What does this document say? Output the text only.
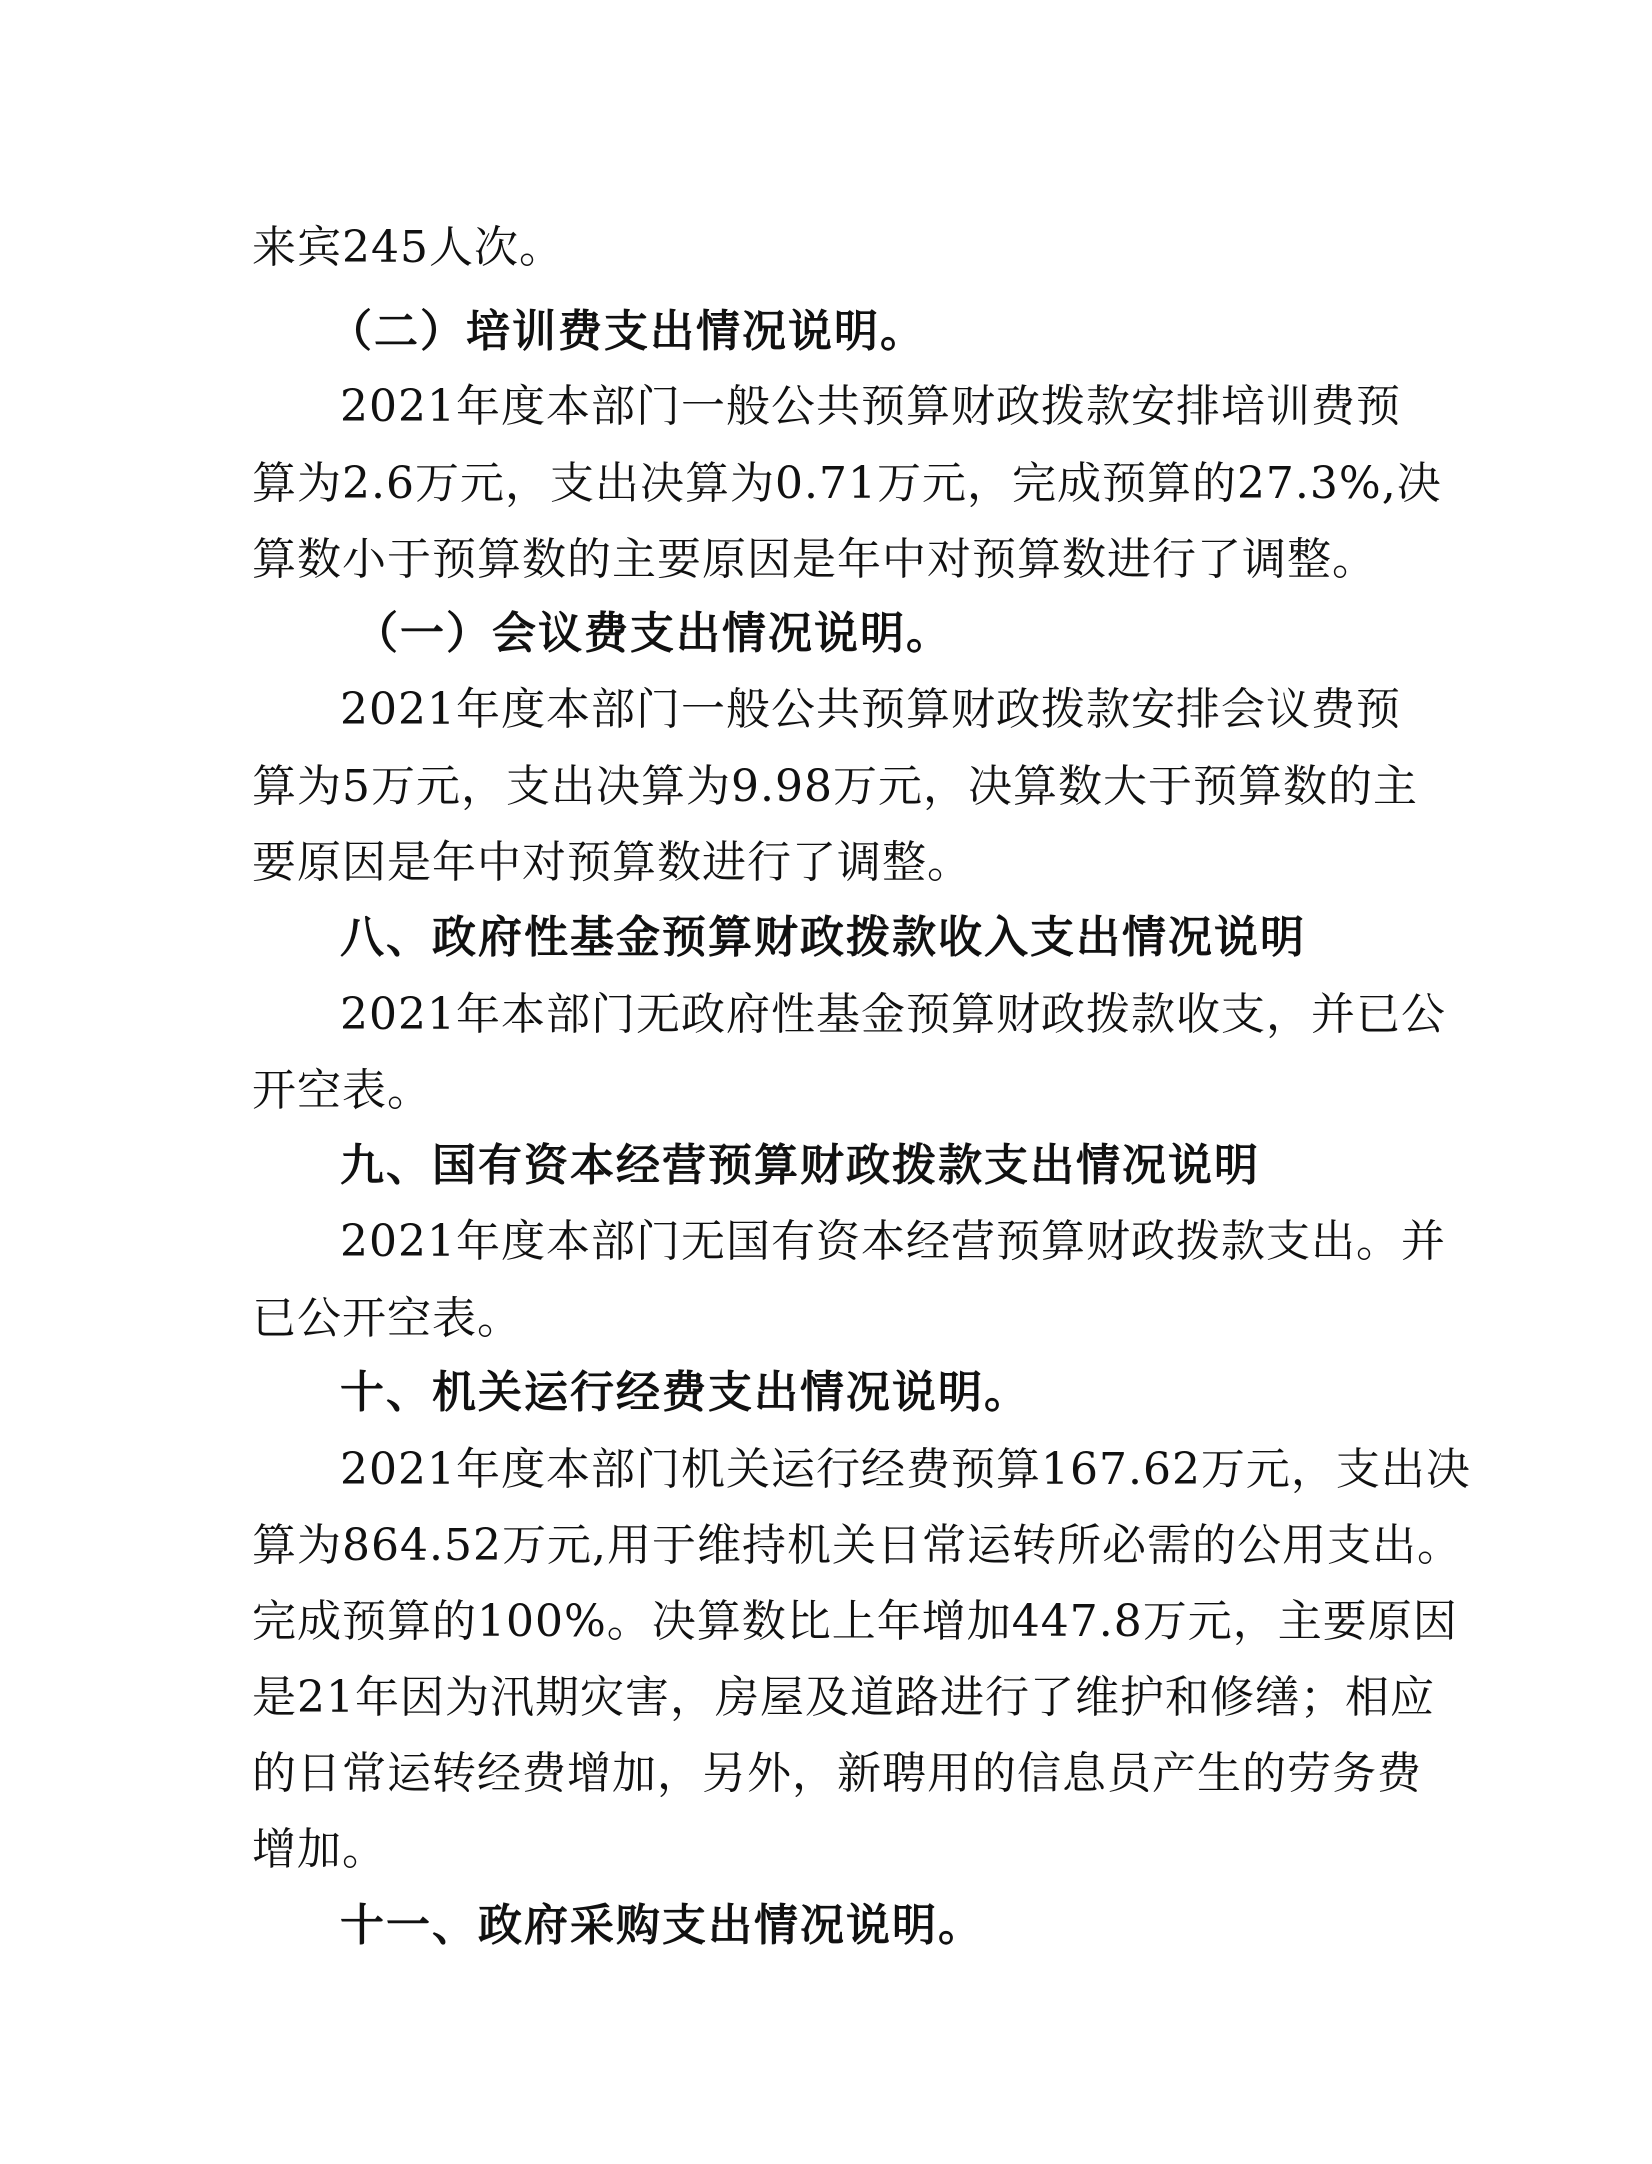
来宾245人次。
（二）培训费支出情况说明。
2021年度本部门一般公共预算财政拨款安排培训费预
算为2.6万元，支出决算为0.71万元，完成预算的27.3%,决
算数小于预算数的主要原因是年中对预算数进行了调整。
（一）会议费支出情况说明。
2021年度本部门一般公共预算财政拨款安排会议费预
算为5万元，支出决算为9.98万元，决算数大于预算数的主
要原因是年中对预算数进行了调整。
八、政府性基金预算财政拨款收入支出情况说明
2021年本部门无政府性基金预算财政拨款收支，并已公
开空表。
九、国有资本经营预算财政拨款支出情况说明
2021年度本部门无国有资本经营预算财政拨款支出。并
已公开空表。
十、机关运行经费支出情况说明。
2021年度本部门机关运行经费预算167.62万元，支出决
算为864.52万元,用于维持机关日常运转所必需的公用支出。
完成预算的100%。决算数比上年增加447.8万元，主要原因
是21年因为汛期灾害，房屋及道路进行了维护和修缮；相应
的日常运转经费增加，另外，新聘用的信息员产生的劳务费
增加。
十一、政府采购支出情况说明。
